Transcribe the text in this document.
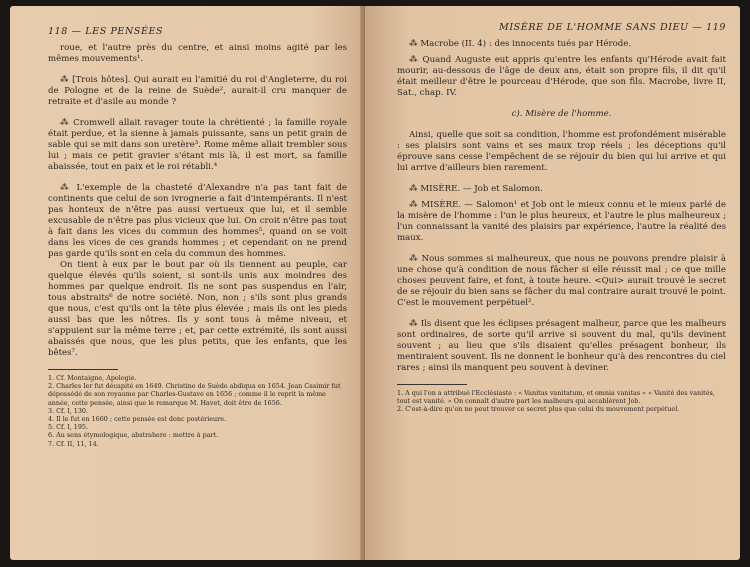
118 — LES PENSÉES

roue, et l'autre près du centre, et ainsi moins agité par les mêmes mouvements¹.

⁂ [Trois hôtes]. Qui aurait eu l'amitié du roi d'Angleterre, du roi de Pologne et de la reine de Suède², aurait-il cru manquer de retraite et d'asile au monde ?

⁂ Cromwell allait ravager toute la chrétienté ; la famille royale était perdue, et la sienne à jamais puissante, sans un petit grain de sable qui se mit dans son uretère³. Rome même allait trembler sous lui ; mais ce petit gravier s'étant mis là, il est mort, sa famille abaissée, tout en paix et le roi rétabli.⁴

⁂ L'exemple de la chasteté d'Alexandre n'a pas tant fait de continents que celui de son ivrognerie a fait d'intempérants. Il n'est pas honteux de n'être pas aussi vertueux que lui, et il semble excusable de n'être pas plus vicieux que lui. On croit n'être pas tout à fait dans les vices du commun des hommes⁵, quand on se voit dans les vices de ces grands hommes ; et cependant on ne prend pas garde qu'ils sont en cela du commun des hommes.

On tient à eux par le bout par où ils tiennent au peuple, car quelque élevés qu'ils soient, si sont-ils unis aux moindres des hommes par quelque endroit. Ils ne sont pas suspendus en l'air, tous abstraits⁶ de notre société. Non, non ; s'ils sont plus grands que nous, c'est qu'ils ont la tête plus élevée ; mais ils ont les pieds aussi bas que les nôtres. Ils y sont tous à même niveau, et s'appuient sur la même terre ; et, par cette extrémité, ils sont aussi abaissés que nous, que les plus petits, que les enfants, que les bêtes⁷.

1. Cf. Montaigne, Apologie.

2. Charles Ier fut décapité en 1649. Christine de Suède abdiqua en 1654. Jean Casimir fut dépossédé de son royaume par Charles-Gustave en 1656 ; comme il le reprit la même année, cette pensée, ainsi que le remarque M. Havet, doit être de 1656.

3. Cf. I, 130.

4. Il le fut en 1660 ; cette pensée est donc postérieure.

5. Cf. I, 195.

6. Au sens étymologique, abstrahere : mettre à part.

7. Cf. II, 11, 14.

MISÈRE DE L'HOMME SANS DIEU — 119

⁂ Macrobe (II. 4) : des innocents tués par Hérode.

⁂ Quand Auguste eut appris qu'entre les enfants qu'Hérode avait fait mourir, au-dessous de l'âge de deux ans, était son propre fils, il dit qu'il était meilleur d'être le pourceau d'Hérode, que son fils. Macrobe, livre II, Sat., chap. IV.

c). Misère de l'homme.

Ainsi, quelle que soit sa condition, l'homme est profondément misérable : ses plaisirs sont vains et ses maux trop réels ; les déceptions qu'il éprouve sans cesse l'empêchent de se réjouir du bien qui lui arrive et qui lui arrive d'ailleurs bien rarement.

⁂ MISÈRE. — Job et Salomon.

⁂ MISÈRE. — Salomon¹ et Job ont le mieux connu et le mieux parlé de la misère de l'homme : l'un le plus heureux, et l'autre le plus malheureux ; l'un connaissant la vanité des plaisirs par expérience, l'autre la réalité des maux.

⁂ Nous sommes si malheureux, que nous ne pouvons prendre plaisir à une chose qu'à condition de nous fâcher si elle réussit mal ; ce que mille choses peuvent faire, et font, à toute heure. <Qui> aurait trouvé le secret de se réjouir du bien sans se fâcher du mal contraire aurait trouvé le point. C'est le mouvement perpétuel².

⁂ Ils disent que les éclipses présagent malheur, parce que les malheurs sont ordinaires, de sorte qu'il arrive si souvent du mal, qu'ils devinent souvent ; au lieu que s'ils disaient qu'elles présagent bonheur, ils mentiraient souvent. Ils ne donnent le bonheur qu'à des rencontres du ciel rares ; ainsi ils manquent peu souvent à deviner.

1. A qui l'on a attribué l'Ecclésiaste : « Vanitas vanitatum, et omnia vanitas » « Vanité des vanités, tout est vanité. » On connaît d'autre part les malheurs qui accablèrent Job.

2. C'est-à-dire qu'on ne peut trouver ce secret plus que celui du mouvement perpétuel.
